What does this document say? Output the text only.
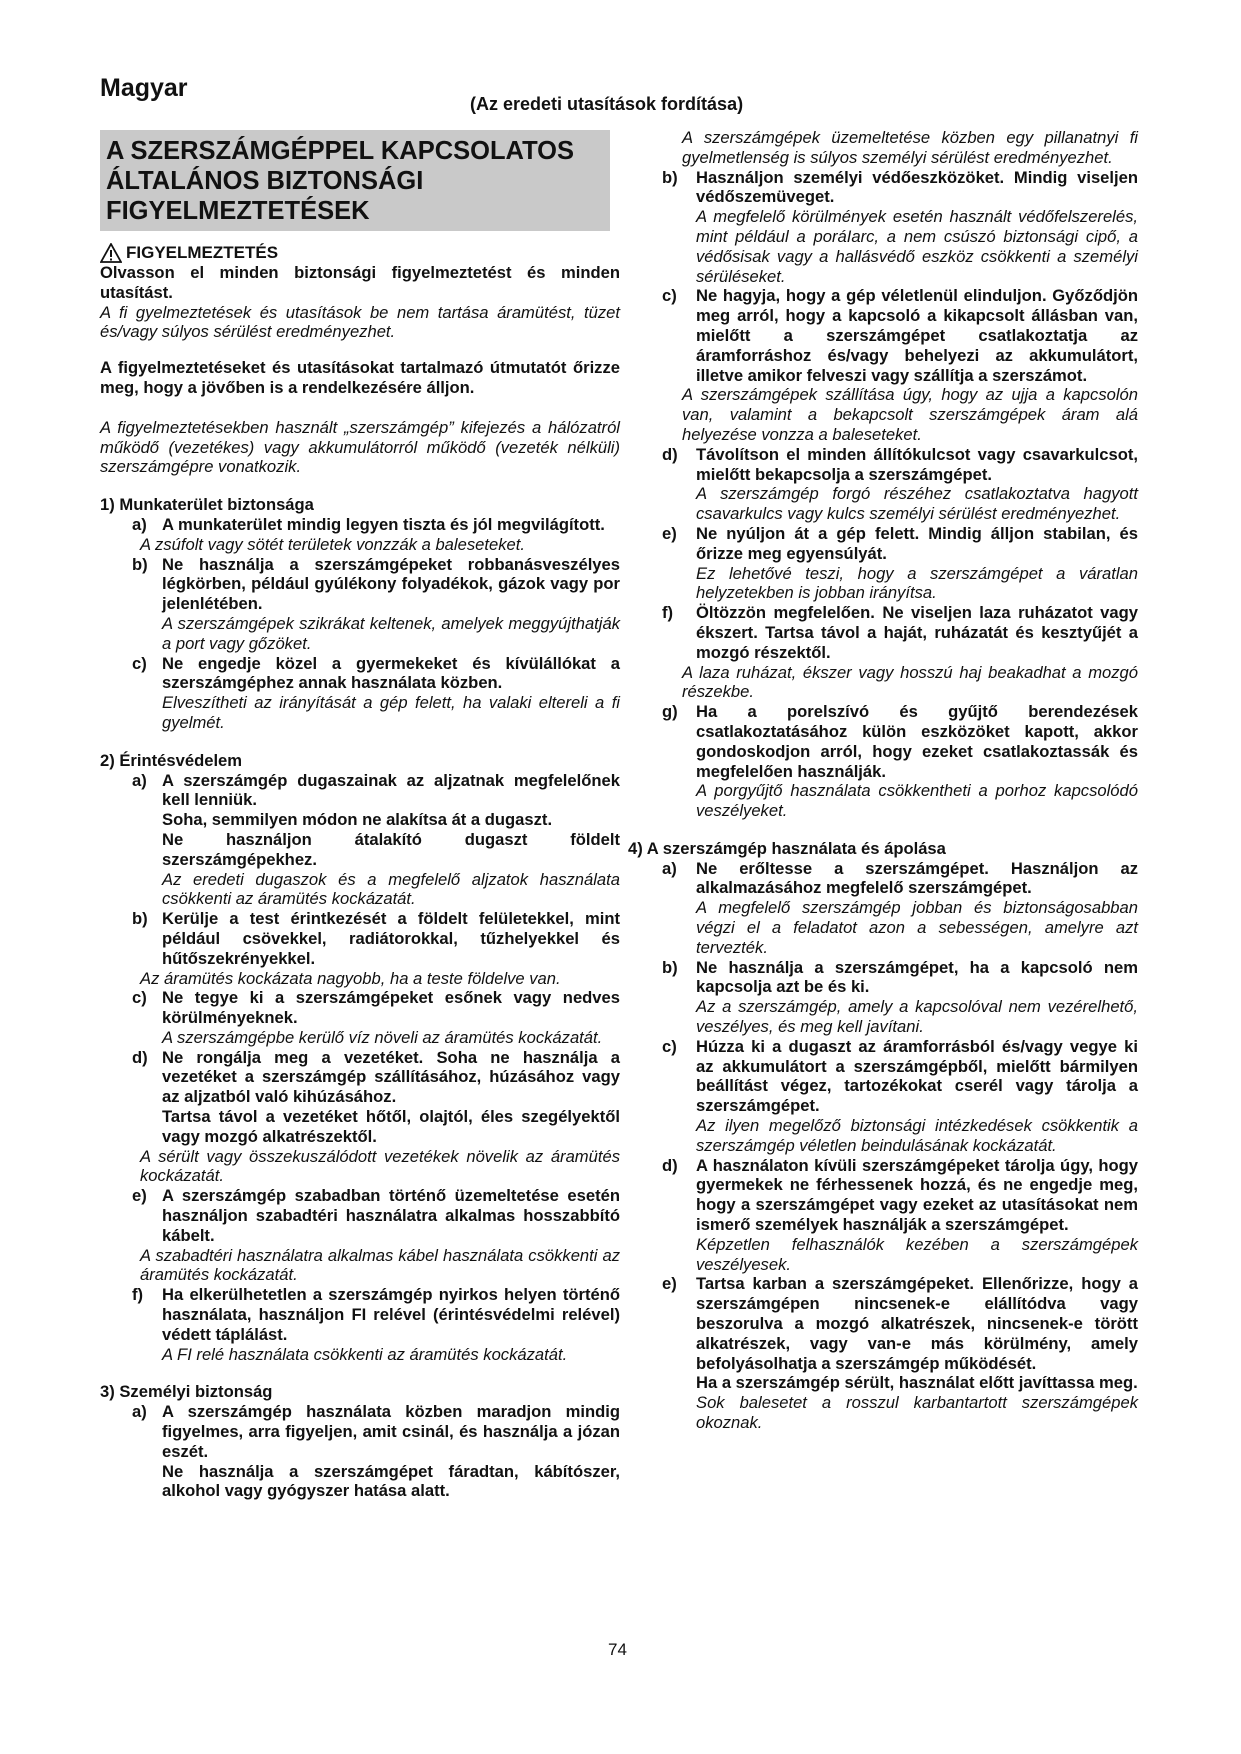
Magyar
(Az eredeti utasítások fordítása)
A SZERSZÁMGÉPPEL KAPCSOLATOS ÁLTALÁNOS BIZTONSÁGI FIGYELMEZTETÉSEK
FIGYELMEZTETÉS
Olvasson el minden biztonsági figyelmeztetést és minden utasítást.
A fi gyelmeztetések és utasítások be nem tartása áramütést, tüzet és/vagy súlyos sérülést eredményezhet.
A figyelmeztetéseket és utasításokat tartalmazó útmutatót őrizze meg, hogy a jövőben is a rendelkezésére álljon.
A figyelmeztetésekben használt „szerszámgép” kifejezés a hálózatról működő (vezetékes) vagy akkumulátorról működő (vezeték nélküli) szerszámgépre vonatkozik.
1) Munkaterület biztonsága
a) A munkaterület mindig legyen tiszta és jól megvilágított.
A zsúfolt vagy sötét területek vonzzák a baleseteket.
b) Ne használja a szerszámgépeket robbanásveszélyes légkörben, például gyúlékony folyadékok, gázok vagy por jelenlétében.
A szerszámgépek szikrákat keltenek, amelyek meggyújthatják a port vagy gőzöket.
c) Ne engedje közel a gyermekeket és kívülállókat a szerszámgéphez annak használata közben.
Elveszítheti az irányítását a gép felett, ha valaki eltereli a fi gyelmét.
2) Érintésvédelem
a) A szerszámgép dugaszainak az aljzatnak megfelelőnek kell lenniük.
Soha, semmilyen módon ne alakítsa át a dugaszt.
Ne használjon átalakító dugaszt földelt szerszámgépekhez.
Az eredeti dugaszok és a megfelelő aljzatok használata csökkenti az áramütés kockázatát.
b) Kerülje a test érintkezését a földelt felületekkel, mint például csövekkel, radiátorokkal, tűzhelyekkel és hűtőszekrényekkel.
Az áramütés kockázata nagyobb, ha a teste földelve van.
c) Ne tegye ki a szerszámgépeket esőnek vagy nedves körülményeknek.
A szerszámgépbe kerülő víz növeli az áramütés kockázatát.
d) Ne rongálja meg a vezetéket. Soha ne használja a vezetéket a szerszámgép szállításához, húzásához vagy az aljzatból való kihúzásához.
Tartsa távol a vezetéket hőtől, olajtól, éles szegélyektől vagy mozgó alkatrészektől.
A sérült vagy összekuszálódott vezetékek növelik az áramütés kockázatát.
e) A szerszámgép szabadban történő üzemeltetése esetén használjon szabadtéri használatra alkalmas hosszabbító kábelt.
A szabadtéri használatra alkalmas kábel használata csökkenti az áramütés kockázatát.
f)	Ha elkerülhetetlen a szerszámgép nyirkos helyen történő használata, használjon FI relével (érintésvédelmi relével) védett táplálást.
A FI relé használata csökkenti az áramütés kockázatát.
3) Személyi biztonság
a) A szerszámgép használata közben maradjon mindig figyelmes, arra figyeljen, amit csinál, és használja a józan eszét.
Ne használja a szerszámgépet fáradtan, kábítószer, alkohol vagy gyógyszer hatása alatt.
A szerszámgépek üzemeltetése közben egy pillanatnyi fi gyelmetlenség is súlyos személyi sérülést eredményezhet.
b)	Használjon személyi védőeszközöket. Mindig viseljen védőszemüveget.
A megfelelő körülmények esetén használt védőfelszerelés, mint például a poráIarc, a nem csúszó biztonsági cipő, a védősisak vagy a hallásvédő eszköz csökkenti a személyi sérüléseket.
c)	Ne hagyja, hogy a gép véletlenül elinduljon. Győződjön meg arról, hogy a kapcsoló a kikapcsolt állásban van, mielőtt a szerszámgépet csatlakoztatja az áramforráshoz és/vagy behelyezi az akkumulátort, illetve amikor felveszi vagy szállítja a szerszámot.
A szerszámgépek szállítása úgy, hogy az ujja a kapcsolón van, valamint a bekapcsolt szerszámgépek áram alá helyezése vonzza a baleseteket.
d)	Távolítson el minden állítókulcsot vagy csavarkulcsot, mielőtt bekapcsolja a szerszámgépet.
A szerszámgép forgó részéhez csatlakoztatva hagyott csavarkulcs vagy kulcs személyi sérülést eredményezhet.
e)	Ne nyúljon át a gép felett. Mindig álljon stabilan, és őrizze meg egyensúlyát.
Ez lehetővé teszi, hogy a szerszámgépet a váratlan helyzetekben is jobban irányítsa.
f)	Öltözzön megfelelően. Ne viseljen laza ruházatot vagy ékszert. Tartsa távol a haját, ruházatát és kesztyűjét a mozgó részektől.
A laza ruházat, ékszer vagy hosszú haj beakadhat a mozgó részekbe.
g)	Ha a porelszívó és gyűjtő berendezések csatlakoztatásához külön eszközöket kapott, akkor gondoskodjon arról, hogy ezeket csatlakoztassák és megfelelően használják.
A porgyűjtő használata csökkentheti a porhoz kapcsolódó veszélyeket.
4) A szerszámgép használata és ápolása
a)	Ne erőltesse a szerszámgépet. Használjon az alkalmazásához megfelelő szerszámgépet.
A megfelelő szerszámgép jobban és biztonságosabban végzi el a feladatot azon a sebességen, amelyre azt tervezték.
b)	Ne használja a szerszámgépet, ha a kapcsoló nem kapcsolja azt be és ki.
Az a szerszámgép, amely a kapcsolóval nem vezérelhető, veszélyes, és meg kell javítani.
c)	Húzza ki a dugaszt az áramforrásból és/vagy vegye ki az akkumulátort a szerszámgépből, mielőtt bármilyen beállítást végez, tartozékokat cserél vagy tárolja a szerszámgépet.
Az ilyen megelőző biztonsági intézkedések csökkentik a szerszámgép véletlen beindulásának kockázatát.
d)	A használaton kívüli szerszámgépeket tárolja úgy, hogy gyermekek ne férhessenek hozzá, és ne engedje meg, hogy a szerszámgépet vagy ezeket az utasításokat nem ismerő személyek használják a szerszámgépet.
Képzetlen felhasználók kezében a szerszámgépek veszélyesek.
e)	Tartsa karban a szerszámgépeket. Ellenőrizze, hogy a szerszámgépen nincsenek-e elállítódva vagy beszorulva a mozgó alkatrészek, nincsenek-e törött alkatrészek, vagy van-e más körülmény, amely befolyásolhatja a szerszámgép működését.
Ha a szerszámgép sérült, használat előtt javíttassa meg.
Sok balesetet a rosszul karbantartott szerszámgépek okoznak.
74
